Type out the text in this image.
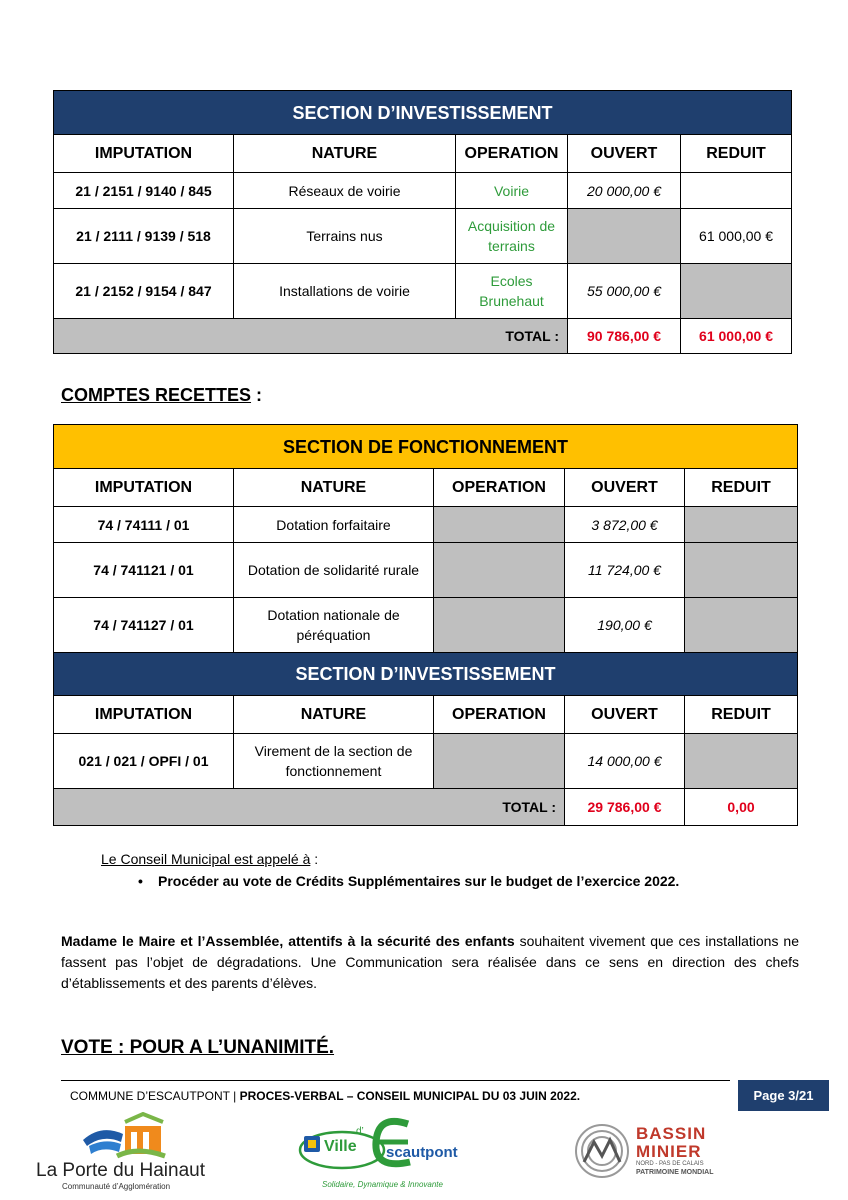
SECTION D’INVESTISSEMENT				
IMPUTATION	NATURE	OPERATION	OUVERT	REDUIT
21 / 2151 / 9140 / 845	Réseaux de voirie	Voirie	20 000,00 €	
21 / 2111 / 9139 / 518	Terrains nus	Acquisition de terrains		61 000,00 €
21 / 2152 / 9154 / 847	Installations de voirie	Ecoles Brunehaut	55 000,00 €	
TOTAL :			90 786,00 €	61 000,00 €
COMPTES RECETTES :
SECTION DE FONCTIONNEMENT				
IMPUTATION	NATURE	OPERATION	OUVERT	REDUIT
74 / 74111 / 01	Dotation forfaitaire		3 872,00 €	
74 / 741121 / 01	Dotation de solidarité rurale		11 724,00 €	
74 / 741127 / 01	Dotation nationale de péréquation		190,00 €	
SECTION D’INVESTISSEMENT				
IMPUTATION	NATURE	OPERATION	OUVERT	REDUIT
021 / 021 / OPFI / 01	Virement de la section de fonctionnement		14 000,00 €	
TOTAL :			29 786,00 €	0,00
Le Conseil Municipal est appelé à :
• Procéder au vote de Crédits Supplémentaires sur le budget de l’exercice 2022.
Madame le Maire et l’Assemblée, attentifs à la sécurité des enfants souhaitent vivement que ces installations ne fassent pas l’objet de dégradations. Une Communication sera réalisée dans ce sens en direction des chefs d’établissements et des parents d’élèves.
VOTE : POUR A L’UNANIMITÉ.
COMMUNE D’ESCAUTPONT | PROCES-VERBAL – CONSEIL MUNICIPAL DU 03 JUIN 2022.	Page 3/21
La Porte du Hainaut
Communauté d’Agglomération
Ville
d’
scautpont
Solidaire, Dynamique & Innovante
BASSIN
MINIER
NORD - PAS DE CALAIS
PATRIMOINE MONDIAL
